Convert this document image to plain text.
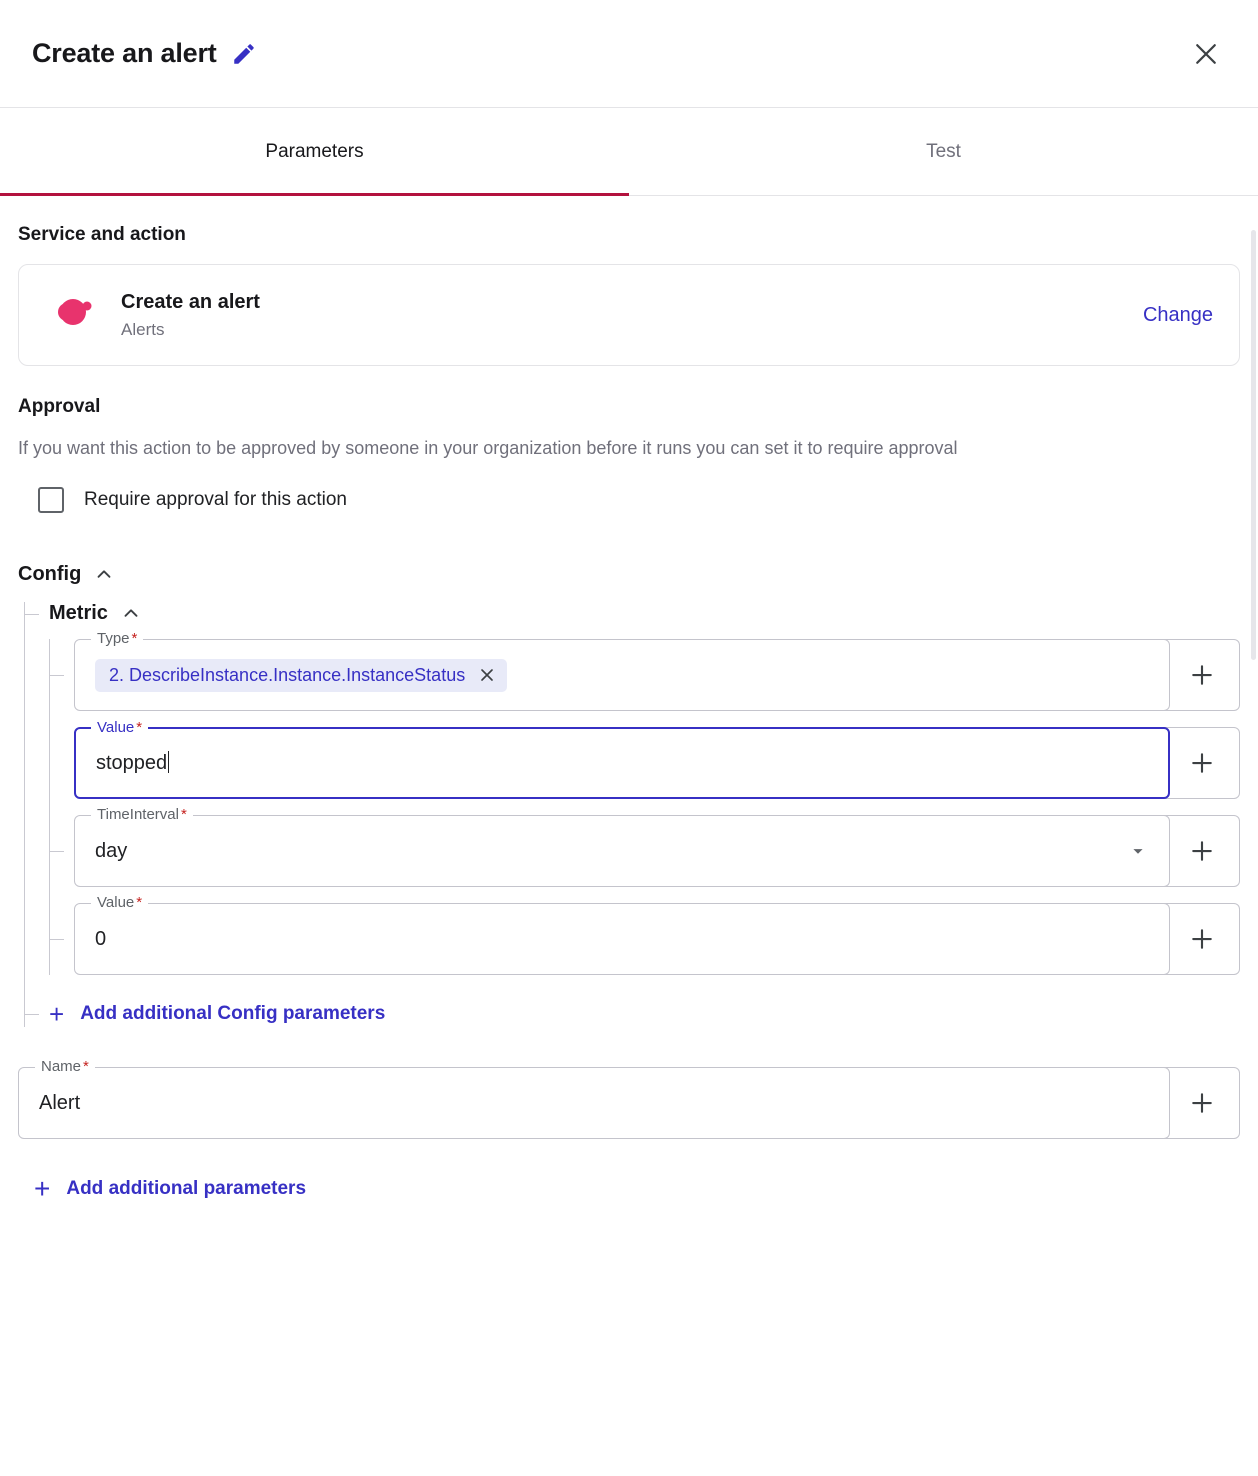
Create an alert
Parameters	Test
Service and action
Create an alert
Alerts
Change
Approval
If you want this action to be approved by someone in your organization before it runs you can set it to require approval
Require approval for this action
Config
Metric
Type *
2. DescribeInstance.Instance.InstanceStatus
Value *
stopped
TimeInterval *
day
Value *
0
+ Add additional Config parameters
Name *
Alert
+ Add additional parameters
